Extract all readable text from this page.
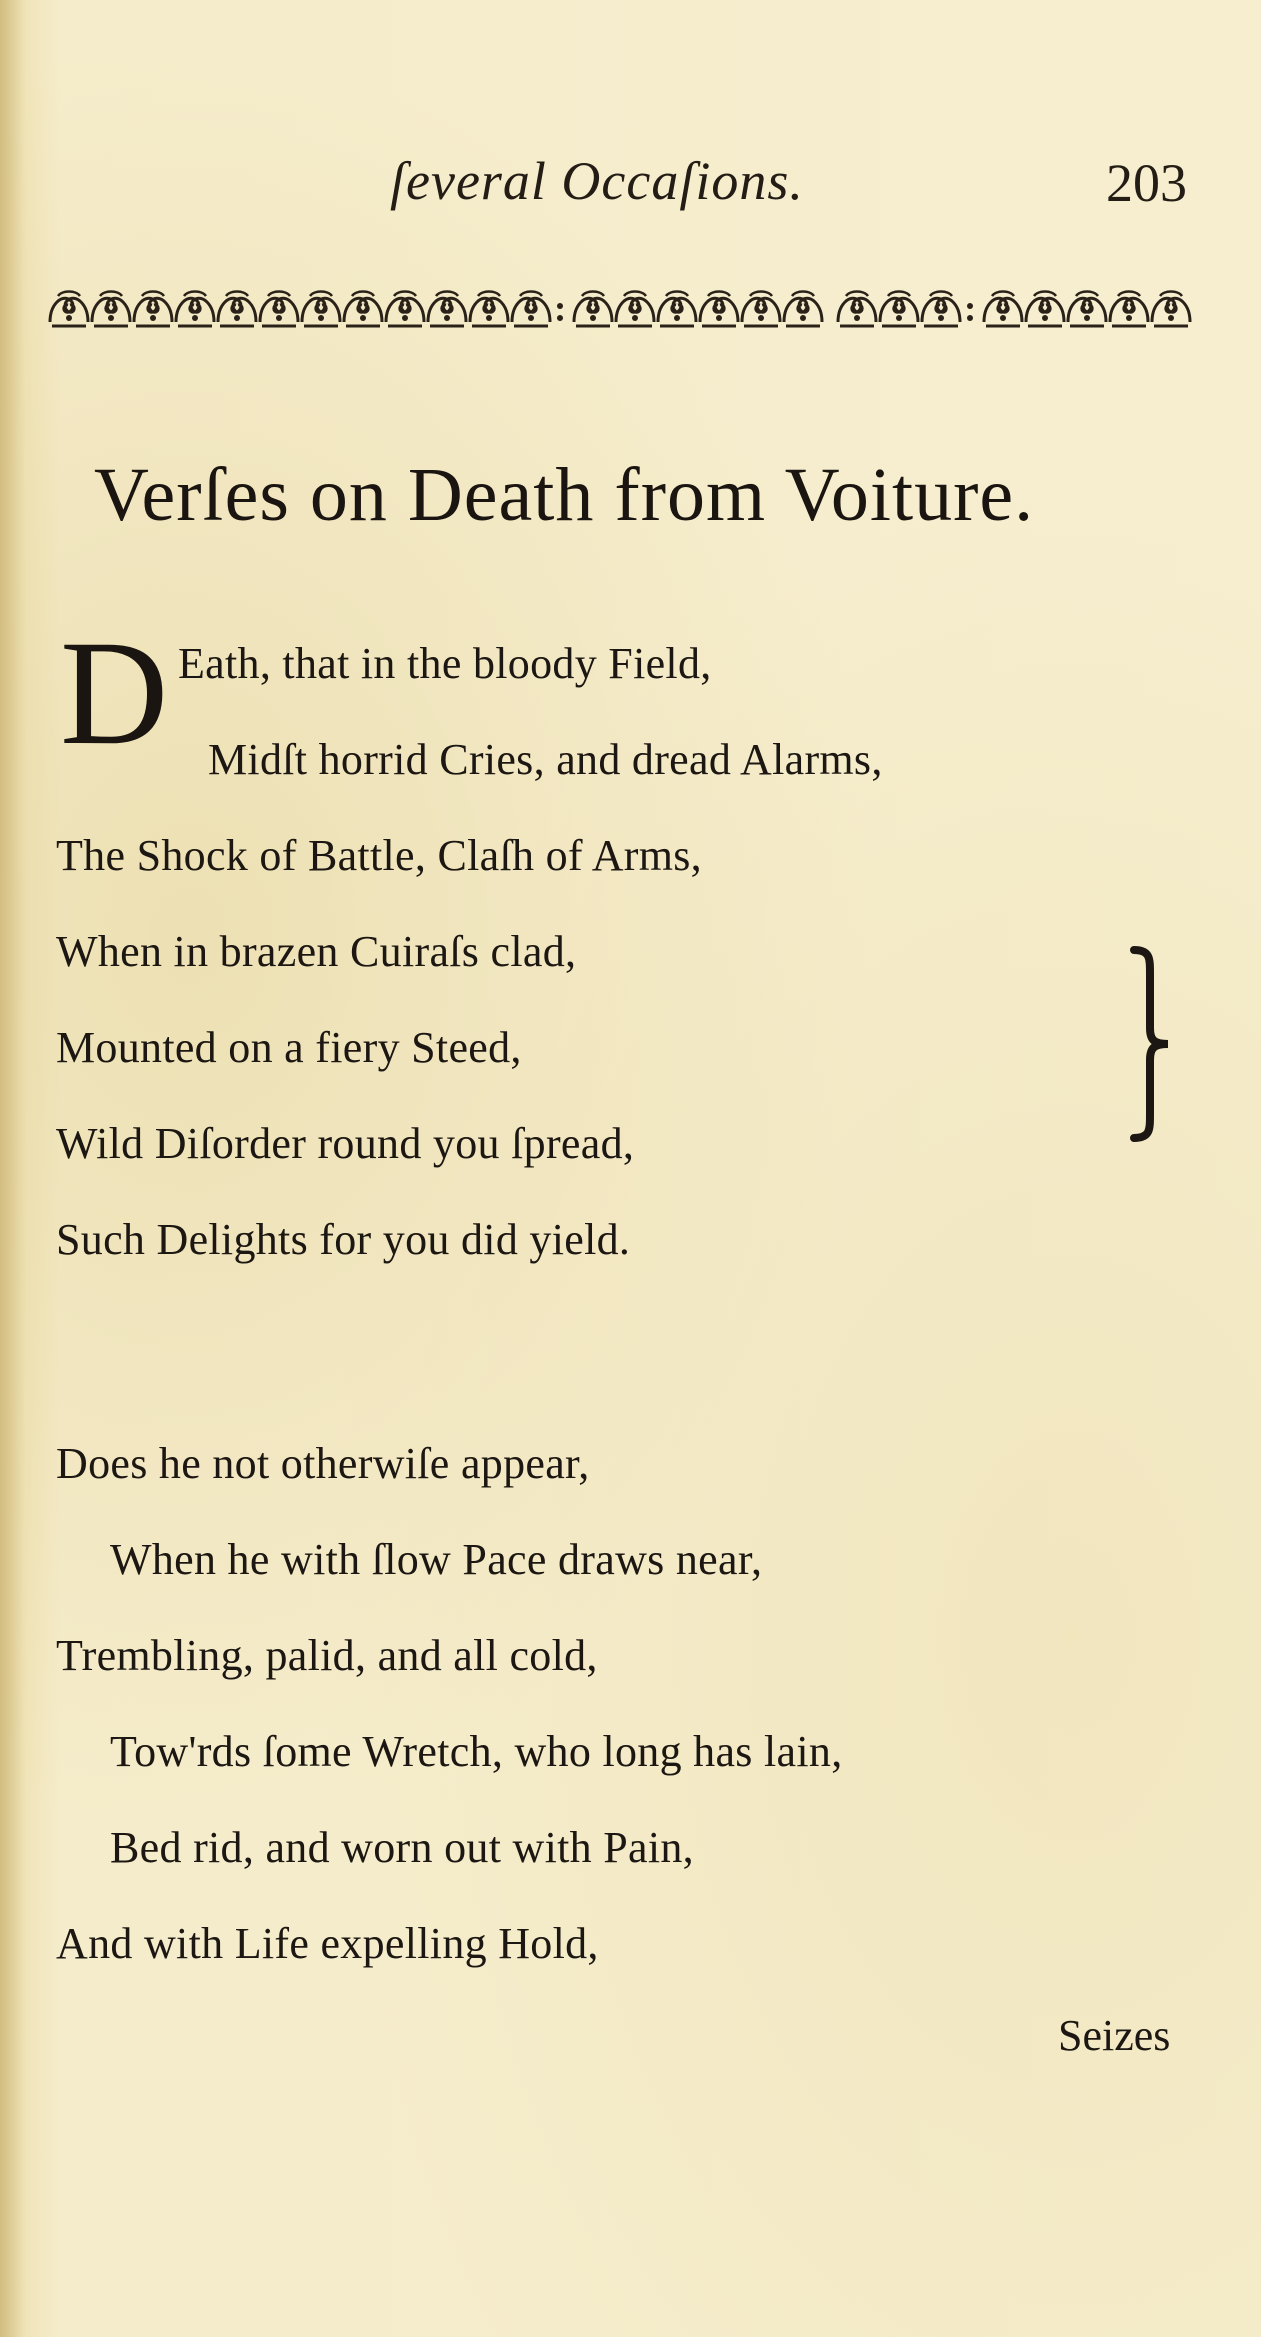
ſeveral Occaſions.	203
Verſes on Death from Voiture.
D Eath, that in the bloody Field,
Midſt horrid Cries, and dread Alarms,
The Shock of Battle, Claſh of Arms,
When in brazen Cuiraſs clad,
Mounted on a fiery Steed,
Wild Diſorder round you ſpread,
Such Delights for you did yield.
Does he not otherwiſe appear,
When he with ſlow Pace draws near,
Trembling, palid, and all cold,
Tow'rds ſome Wretch, who long has lain,
Bed rid, and worn out with Pain,
And with Life expelling Hold,
Seizes
